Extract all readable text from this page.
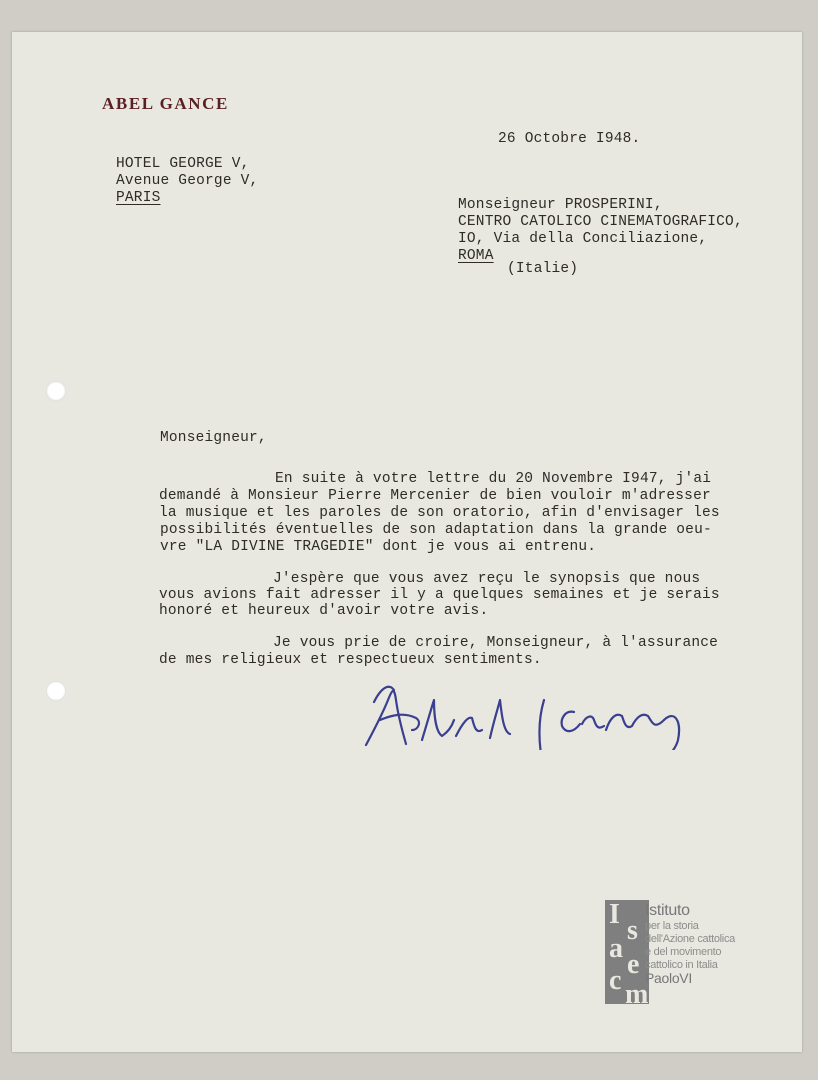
ABEL GANCE
26 Octobre I948.
HOTEL GEORGE V,
Avenue George V,
PARIS	Monseigneur PROSPERINI,
CENTRO CATOLICO CINEMATOGRAFICO,
IO, Via della Conciliazione,
ROMA
(Italie)
Monseigneur,
En suite à votre lettre du 20 Novembre I947, j'ai
demandé à Monsieur Pierre Mercenier de bien vouloir m'adresser
la musique et les paroles de son oratorio, afin d'envisager les
possibilités éventuelles de son adaptation dans la grande oeu-
vre "LA DIVINE TRAGEDIE" dont je vous ai entrenu.
J'espère que vous avez reçu le synopsis que nous
vous avions fait adresser il y a quelques semaines et je serais
honoré et heureux d'avoir votre avis.
Je vous prie de croire, Monseigneur, à l'assurance
de mes religieux et respectueux sentiments.
I
s
a
e
c m
Istituto
per la storia
dell'Azione cattolica
e del movimento
cattolico in Italia
PaoloVI
